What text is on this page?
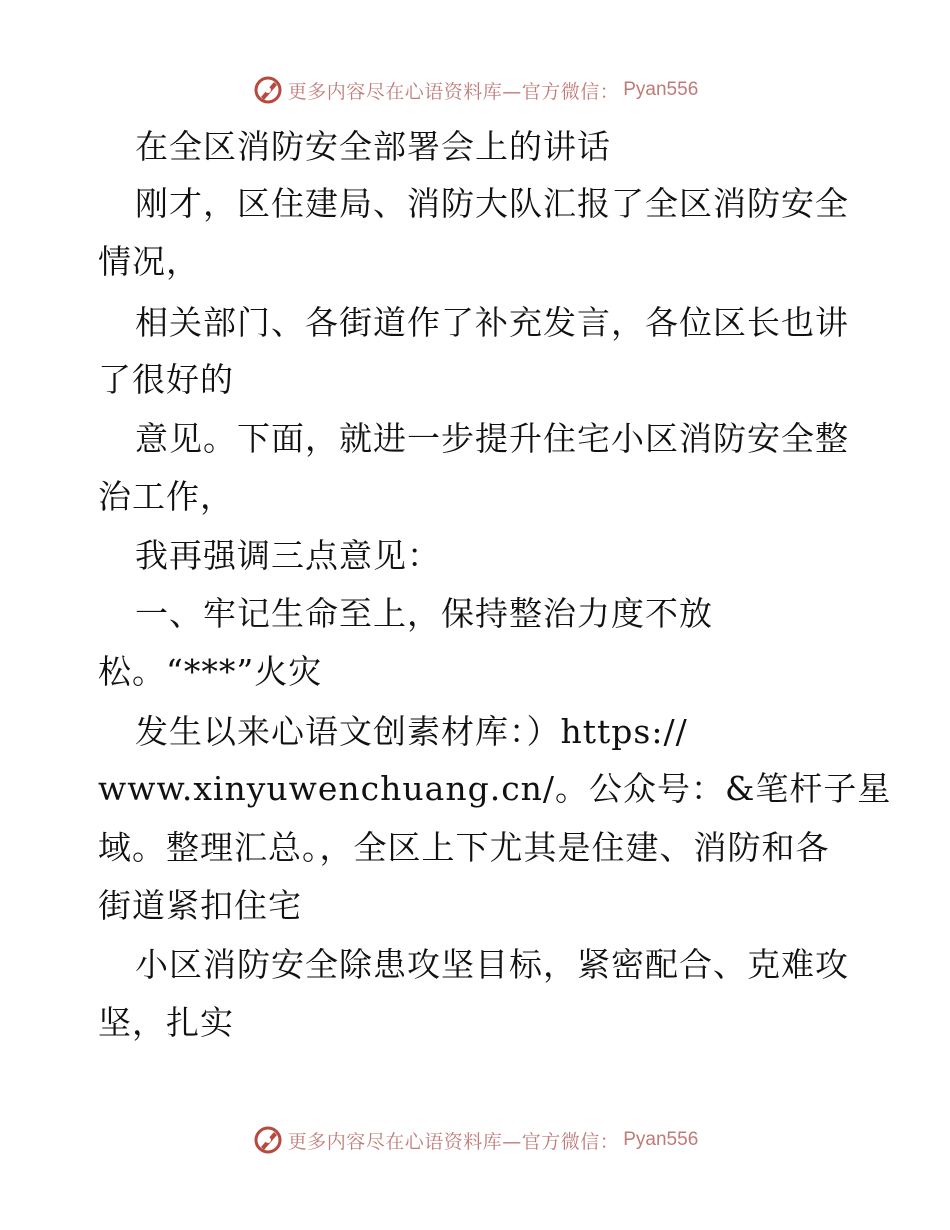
更多内容尽在心语资料库—官方微信： Pyan556
在全区消防安全部署会上的讲话
刚才，区住建局、消防大队汇报了全区消防安全
情况，
相关部门、各街道作了补充发言，各位区长也讲
了很好的
意见。下面，就进一步提升住宅小区消防安全整
治工作，
我再强调三点意见：
一、牢记生命至上，保持整治力度不放
松。“***”火灾
发生以来心语文创素材库：）https://
www.xinyuwenchuang.cn/。公众号：&笔杆子星
域。整理汇总。，全区上下尤其是住建、消防和各
街道紧扣住宅
小区消防安全除患攻坚目标，紧密配合、克难攻
坚，扎实
更多内容尽在心语资料库—官方微信： Pyan556
